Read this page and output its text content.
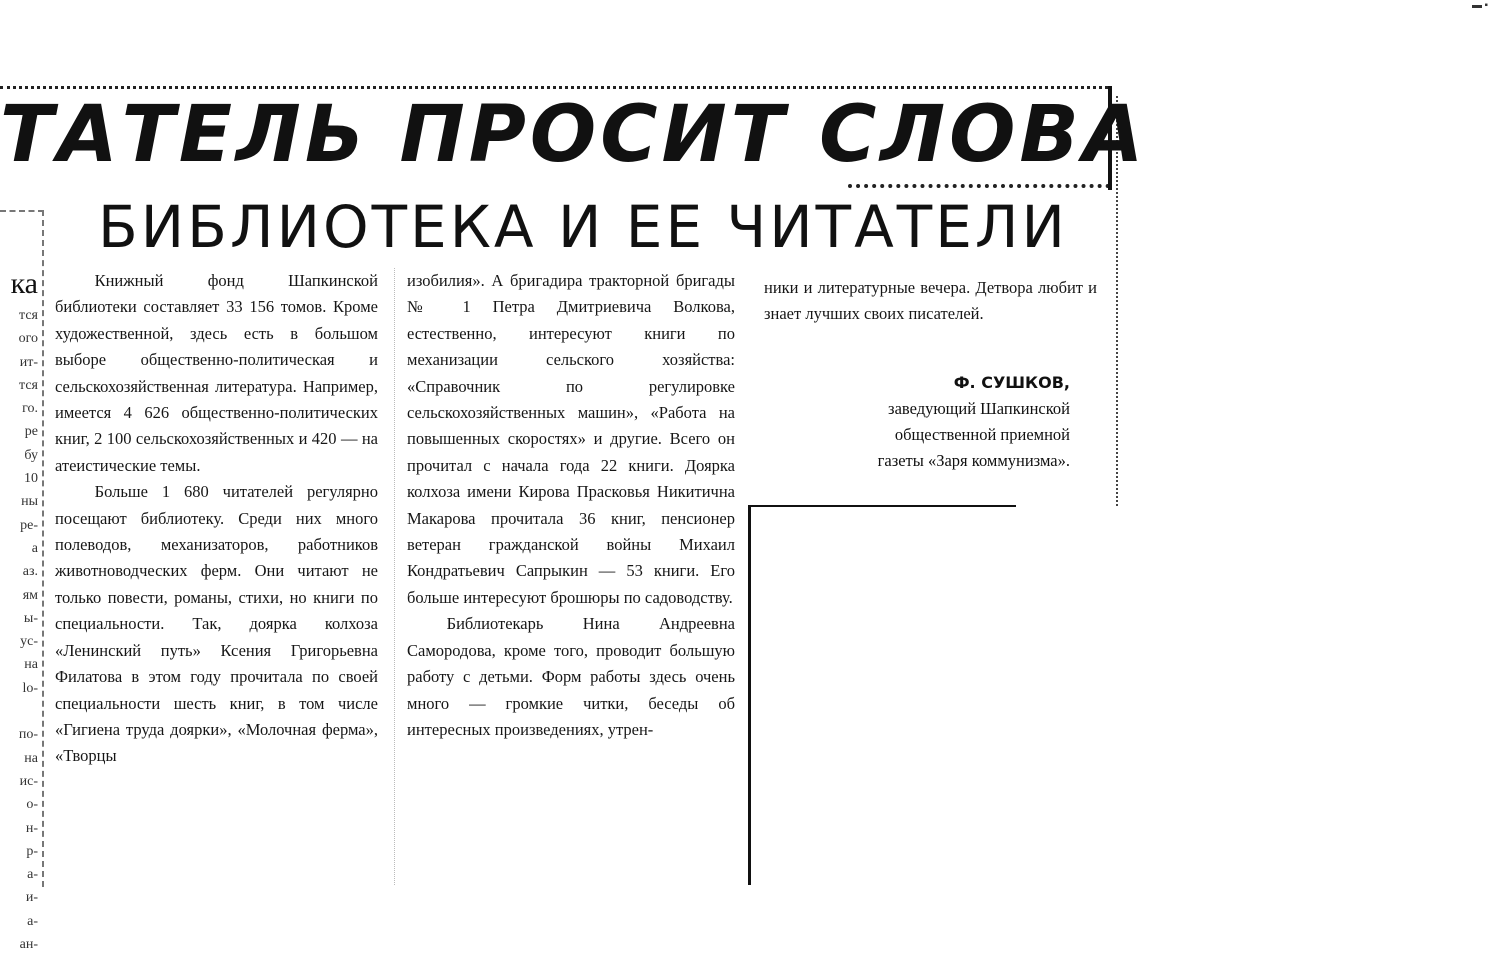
▬ ▪
ТАТЕЛЬ ПРОСИТ СЛОВА
БИБЛИОТЕКА И ЕЕ ЧИТАТЕЛИ
ка
тся
ого
ит-
тся
го.
ре
бу
10
ны
ре-
а
аз.
ям
ы-
ус-
на
lo-

по-
на
ис-
о-
н-
р-
а-
и-
а-
ан-

Книжный фонд Шапкинской библиотеки составляет 33 156 томов. Кроме художественной, здесь есть в большом выборе общественно-политическая и сельскохозяйственная литература. Например, имеется 4 626 общественно-политических книг, 2 100 сельскохозяйственных и 420 — на атеистические темы.

Больше 1 680 читателей регулярно посещают библиотеку. Среди них много полеводов, механизаторов, работников животноводческих ферм. Они читают не только повести, романы, стихи, но книги по специальности. Так, доярка колхоза «Ленинский путь» Ксения Григорьевна Филатова в этом году прочитала по своей специальности шесть книг, в том числе «Гигиена труда доярки», «Молочная ферма», «Творцы

изобилия». А бригадира тракторной бригады № 1 Петра Дмитриевича Волкова, естественно, интересуют книги по механизации сельского хозяйства: «Справочник по регулировке сельскохозяйственных машин», «Работа на повышенных скоростях» и другие. Всего он прочитал с начала года 22 книги. Доярка колхоза имени Кирова Прасковья Никитична Макарова прочитала 36 книг, пенсионер ветеран гражданской войны Михаил Кондратьевич Сапрыкин — 53 книги. Его больше интересуют брошюры по садоводству.

Библиотекарь Нина Андреевна Самородова, кроме того, проводит большую работу с детьми. Форм работы здесь очень много — громкие читки, беседы об интересных произведениях, утрен-

ники и литературные вечера. Детвора любит и знает лучших своих писателей.

Ф. СУШКОВ,
заведующий Шапкинской
общественной приемной
газеты «Заря коммунизма».
